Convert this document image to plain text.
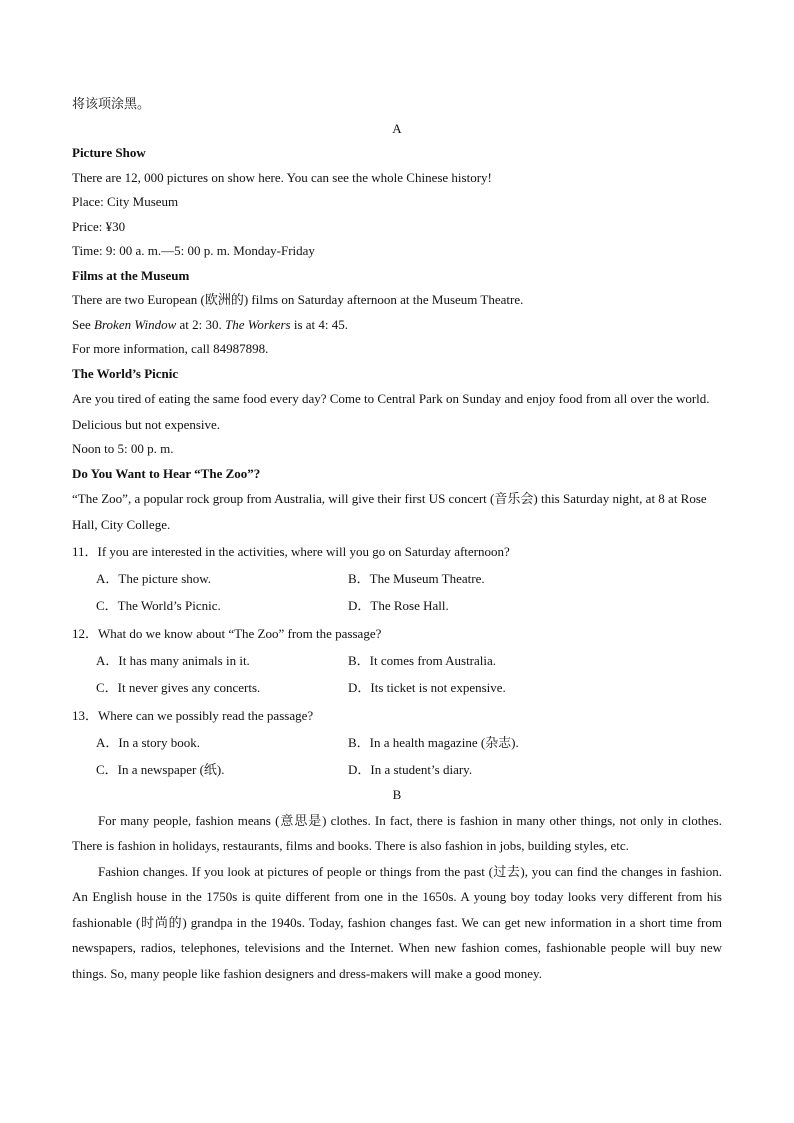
将该项涂黑。

A

Picture Show

There are 12, 000 pictures on show here. You can see the whole Chinese history!

Place: City Museum

Price: ¥30

Time: 9: 00 a. m.—5: 00 p. m. Monday-Friday

Films at the Museum

There are two European (欧洲的) films on Saturday afternoon at the Museum Theatre.

See Broken Window at 2: 30. The Workers is at 4: 45.

For more information, call 84987898.

The World’s Picnic

Are you tired of eating the same food every day? Come to Central Park on Sunday and enjoy food from all over the world. Delicious but not expensive.

Noon to 5: 00 p. m.

Do You Want to Hear “The Zoo”?

“The Zoo”, a popular rock group from Australia, will give their first US concert (音乐会) this Saturday night, at 8 at Rose Hall, City College.

11．If you are interested in the activities, where will you go on Saturday afternoon?

A．The picture show.	B．The Museum Theatre.
C．The World’s Picnic.	D．The Rose Hall.

12．What do we know about “The Zoo” from the passage?

A．It has many animals in it.	B．It comes from Australia.
C．It never gives any concerts.	D．Its ticket is not expensive.

13．Where can we possibly read the passage?

A．In a story book.	B．In a health magazine (杂志).
C．In a newspaper (纸).	D．In a student’s diary.

B

For many people, fashion means (意思是) clothes. In fact, there is fashion in many other things, not only in clothes. There is fashion in holidays, restaurants, films and books. There is also fashion in jobs, building styles, etc.

Fashion changes. If you look at pictures of people or things from the past (过去), you can find the changes in fashion. An English house in the 1750s is quite different from one in the 1650s. A young boy today looks very different from his fashionable (时尚的) grandpa in the 1940s. Today, fashion changes fast. We can get new information in a short time from newspapers, radios, telephones, televisions and the Internet. When new fashion comes, fashionable people will buy new things. So, many people like fashion designers and dress-makers will make a good money.
